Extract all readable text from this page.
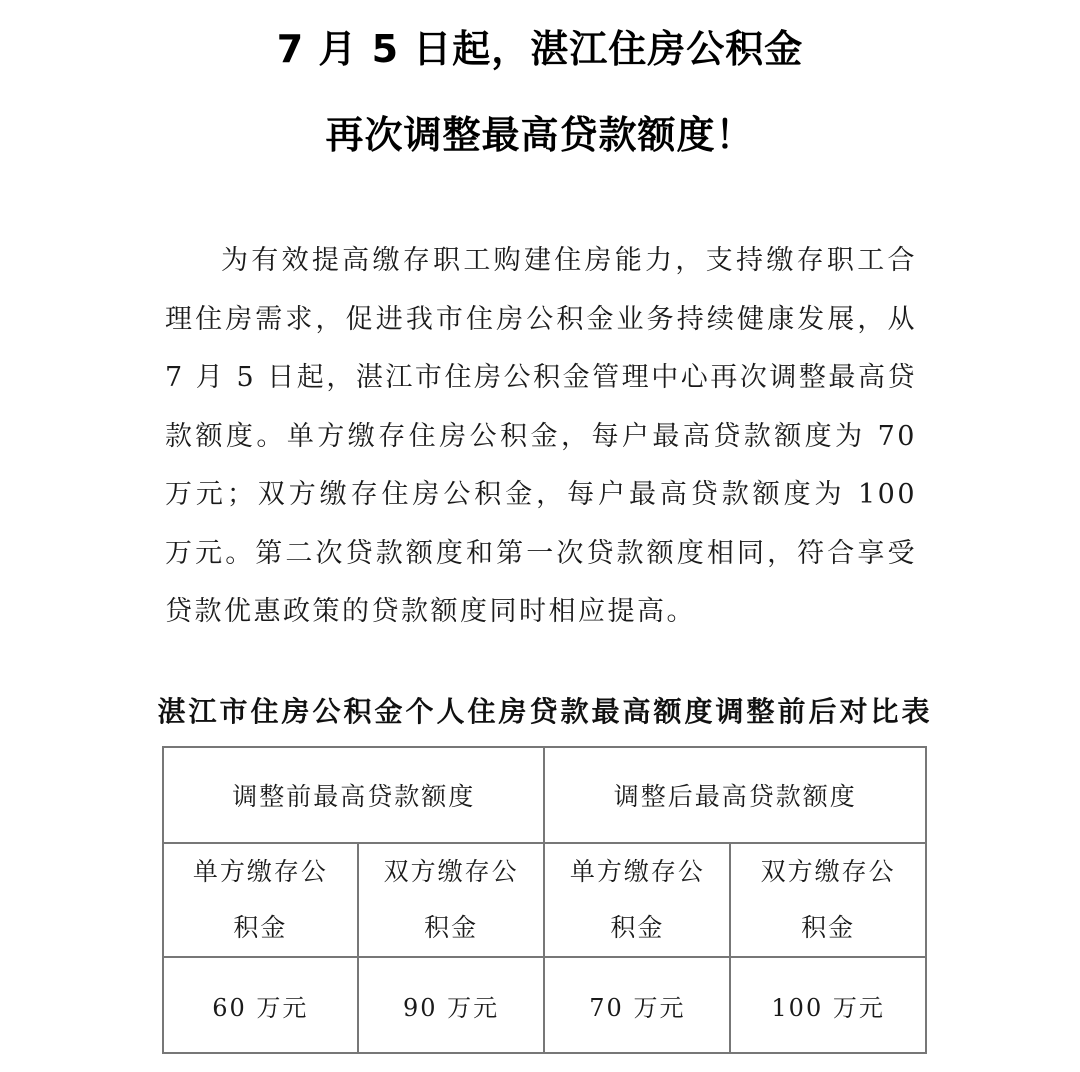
7 月 5 日起，湛江住房公积金
再次调整最高贷款额度！
为有效提高缴存职工购建住房能力，支持缴存职工合理住房需求，促进我市住房公积金业务持续健康发展，从 7 月 5 日起，湛江市住房公积金管理中心再次调整最高贷款额度。单方缴存住房公积金，每户最高贷款额度为 70 万元；双方缴存住房公积金，每户最高贷款额度为 100 万元。第二次贷款额度和第一次贷款额度相同，符合享受贷款优惠政策的贷款额度同时相应提高。
湛江市住房公积金个人住房贷款最高额度调整前后对比表
调整前最高贷款额度		调整后最高贷款额度	

单方缴存公积金	双方缴存公积金	单方缴存公积金	双方缴存公积金

60 万元	90 万元	70 万元	100 万元
